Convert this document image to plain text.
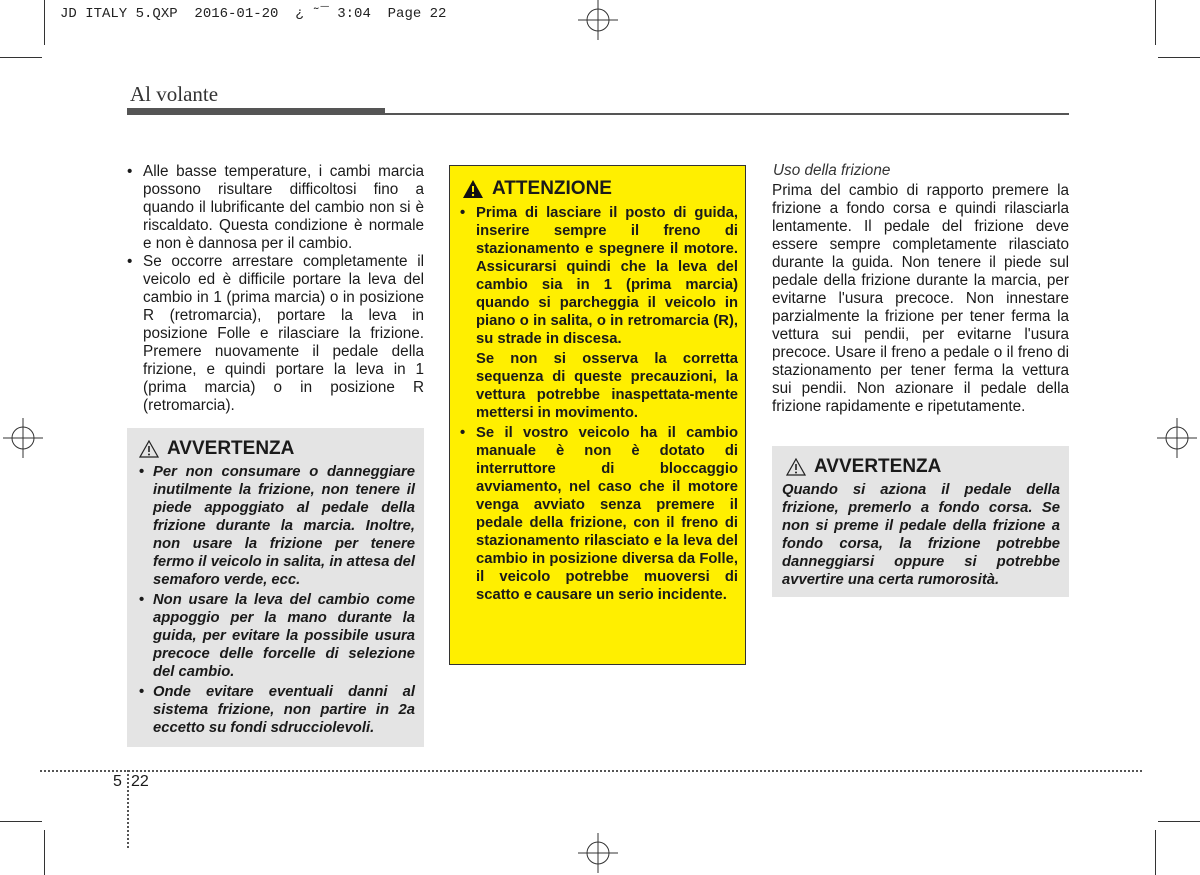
JD ITALY 5.QXP  2016-01-20  ¿ ˜¯ 3:04  Page 22
Al volante
• Alle basse temperature, i cambi marcia possono risultare difficoltosi fino a quando il lubrificante del cambio non si è riscaldato. Questa condizione è normale e non è dannosa per il cambio.
• Se occorre arrestare completamente il veicolo ed è difficile portare la leva del cambio in 1 (prima marcia) o in posizione R (retromarcia), portare la leva in posizione Folle e rilasciare la frizione. Premere nuovamente il pedale della frizione, e quindi portare la leva in 1 (prima marcia) o in posizione R (retromarcia).
AVVERTENZA
• Per non consumare o danneggiare inutilmente la frizione, non tenere il piede appoggiato al pedale della frizione durante la marcia. Inoltre, non usare la frizione per tenere fermo il veicolo in salita, in attesa del semaforo verde, ecc.
• Non usare la leva del cambio come appoggio per la mano durante la guida, per evitare la possibile usura precoce delle forcelle di selezione del cambio.
• Onde evitare eventuali danni al sistema frizione, non partire in 2a eccetto su fondi sdrucciolevoli.
ATTENZIONE

• Prima di lasciare il posto di guida, inserire sempre il freno di stazionamento e spegnere il motore. Assicurarsi quindi che la leva del cambio sia in 1 (prima marcia) quando si parcheggia il veicolo in piano o in salita, o in retromarcia (R), su strade in discesa.

Se non si osserva la corretta sequenza di queste precauzioni, la vettura potrebbe inaspettata-mente mettersi in movimento.

• Se il vostro veicolo ha il cambio manuale è non è dotato di interruttore di bloccaggio avviamento, nel caso che il motore venga avviato senza premere il pedale della frizione, con il freno di stazionamento rilasciato e la leva del cambio in posizione diversa da Folle, il veicolo potrebbe muoversi di scatto e causare un serio incidente.
Uso della frizione
Prima del cambio di rapporto premere la frizione a fondo corsa e quindi rilasciarla lentamente. Il pedale del frizione deve essere sempre completamente rilasciato durante la guida. Non tenere il piede sul pedale della frizione durante la marcia, per evitarne l'usura precoce. Non innestare parzialmente la frizione per tener ferma la vettura sui pendii, per evitarne l'usura precoce. Usare il freno a pedale o il freno di stazionamento per tener ferma la vettura sui pendii. Non azionare il pedale della frizione rapidamente e ripetutamente.
AVVERTENZA

Quando si aziona il pedale della frizione, premerlo a fondo corsa. Se non si preme il pedale della frizione a fondo corsa, la frizione potrebbe danneggiarsi oppure si potrebbe avvertire una certa rumorosità.

5 22
